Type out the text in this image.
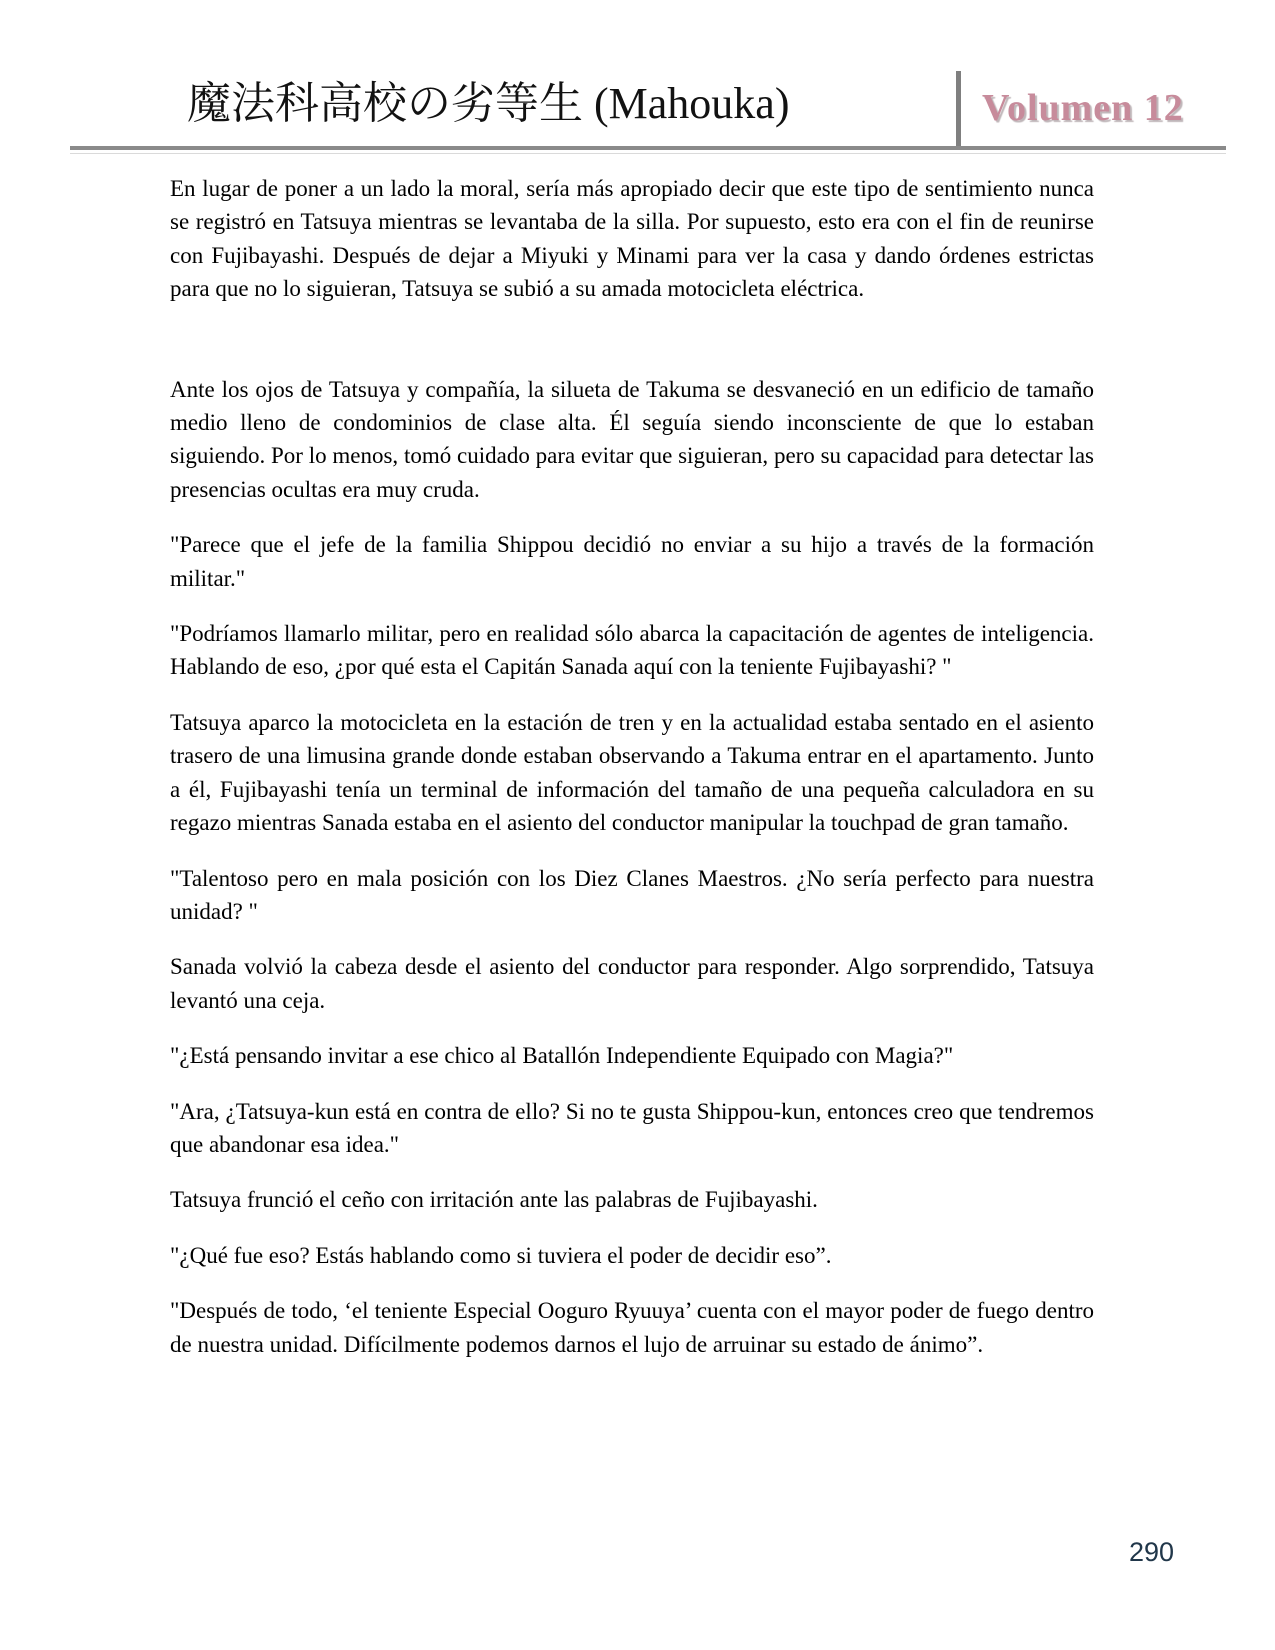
魔法科高校の劣等生 (Mahouka)	Volumen 12

En lugar de poner a un lado la moral, sería más apropiado decir que este tipo de sentimiento nunca se registró en Tatsuya mientras se levantaba de la silla. Por supuesto, esto era con el fin de reunirse con Fujibayashi. Después de dejar a Miyuki y Minami para ver la casa y dando órdenes estrictas para que no lo siguieran, Tatsuya se subió a su amada motocicleta eléctrica.

Ante los ojos de Tatsuya y compañía, la silueta de Takuma se desvaneció en un edificio de tamaño medio lleno de condominios de clase alta. Él seguía siendo inconsciente de que lo estaban siguiendo. Por lo menos, tomó cuidado para evitar que siguieran, pero su capacidad para detectar las presencias ocultas era muy cruda.

"Parece que el jefe de la familia Shippou decidió no enviar a su hijo a través de la formación militar."

"Podríamos llamarlo militar, pero en realidad sólo abarca la capacitación de agentes de inteligencia. Hablando de eso, ¿por qué esta el Capitán Sanada aquí con la teniente Fujibayashi? "

Tatsuya aparco la motocicleta en la estación de tren y en la actualidad estaba sentado en el asiento trasero de una limusina grande donde estaban observando a Takuma entrar en el apartamento. Junto a él, Fujibayashi tenía un terminal de información del tamaño de una pequeña calculadora en su regazo mientras Sanada estaba en el asiento del conductor manipular la touchpad de gran tamaño.

"Talentoso pero en mala posición con los Diez Clanes Maestros. ¿No sería perfecto para nuestra unidad? "

Sanada volvió la cabeza desde el asiento del conductor para responder. Algo sorprendido, Tatsuya levantó una ceja.

"¿Está pensando invitar a ese chico al Batallón Independiente Equipado con Magia?"

"Ara, ¿Tatsuya-kun está en contra de ello? Si no te gusta Shippou-kun, entonces creo que tendremos que abandonar esa idea."

Tatsuya frunció el ceño con irritación ante las palabras de Fujibayashi.

"¿Qué fue eso? Estás hablando como si tuviera el poder de decidir eso”.

"Después de todo, ‘el teniente Especial Ooguro Ryuuya’ cuenta con el mayor poder de fuego dentro de nuestra unidad. Difícilmente podemos darnos el lujo de arruinar su estado de ánimo”.

290
